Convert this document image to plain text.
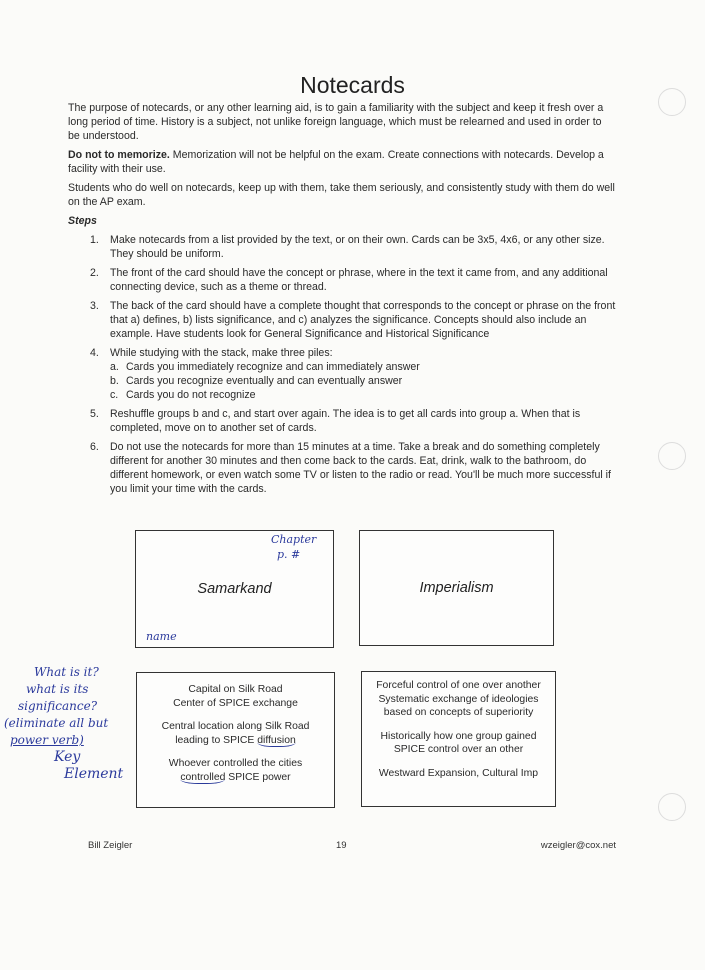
Notecards

The purpose of notecards, or any other learning aid, is to gain a familiarity with the subject and keep it fresh over a long period of time. History is a subject, not unlike foreign language, which must be relearned and used in order to be understood.

Do not to memorize. Memorization will not be helpful on the exam. Create connections with notecards. Develop a facility with their use.

Students who do well on notecards, keep up with them, take them seriously, and consistently study with them do well on the AP exam.

Steps
1. Make notecards from a list provided by the text, or on their own. Cards can be 3x5, 4x6, or any other size. They should be uniform.
2. The front of the card should have the concept or phrase, where in the text it came from, and any additional connecting device, such as a theme or thread.
3. The back of the card should have a complete thought that corresponds to the concept or phrase on the front that a) defines, b) lists significance, and c) analyzes the significance. Concepts should also include an example. Have students look for General Significance and Historical Significance
4. While studying with the stack, make three piles:
a. Cards you immediately recognize and can immediately answer
b. Cards you recognize eventually and can eventually answer
c. Cards you do not recognize
5. Reshuffle groups b and c, and start over again. The idea is to get all cards into group a. When that is completed, move on to another set of cards.
6. Do not use the notecards for more than 15 minutes at a time. Take a break and do something completely different for another 30 minutes and then come back to the cards. Eat, drink, walk to the bathroom, do different homework, or even watch some TV or listen to the radio or read. You'll be much more successful if you limit your time with the cards.
Samarkand
Chapter
p. #
name
Imperialism

Capital on Silk Road
Center of SPICE exchange

Central location along Silk Road
leading to SPICE diffusion

Whoever controlled the cities
controlled SPICE power

Forceful control of one over another
Systematic exchange of ideologies
based on concepts of superiority

Historically how one group gained
SPICE control over an other

Westward Expansion, Cultural Imp

What is it?
what is its
significance?
(eliminate all but
power verb)
Key
Element
Bill Zeigler	19	wzeigler@cox.net
